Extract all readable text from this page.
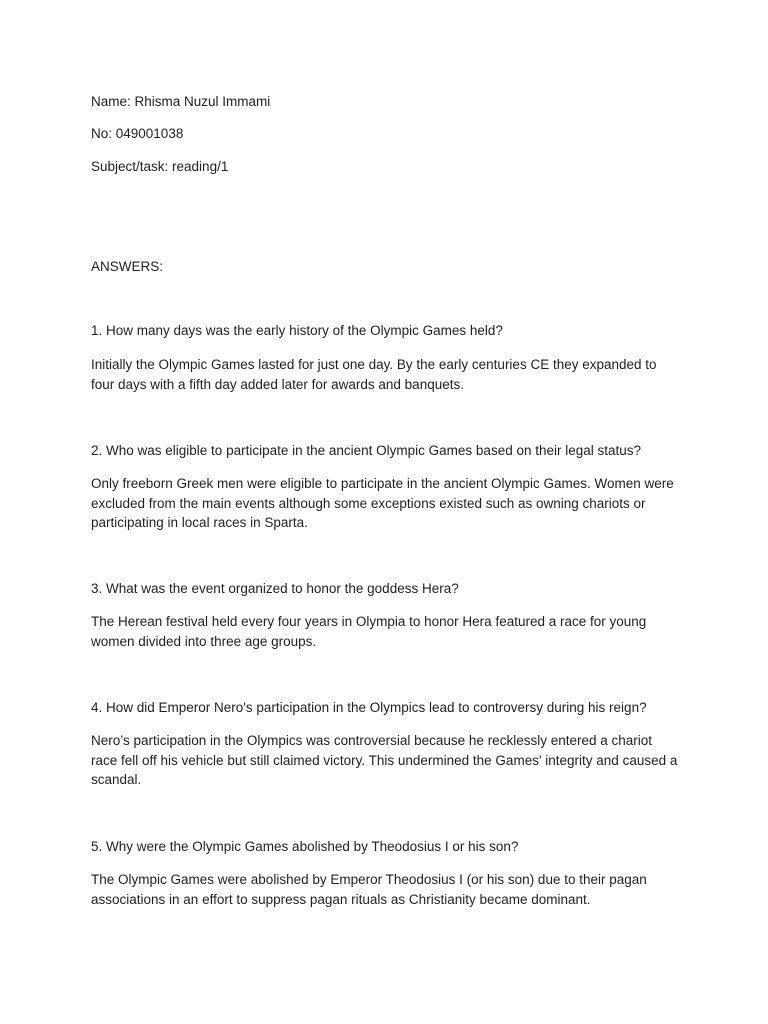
Name: Rhisma Nuzul Immami
No: 049001038
Subject/task: reading/1
ANSWERS:
1. How many days was the early history of the Olympic Games held?
Initially the Olympic Games lasted for just one day. By the early centuries CE they expanded to four days with a fifth day added later for awards and banquets.
2. Who was eligible to participate in the ancient Olympic Games based on their legal status?
Only freeborn Greek men were eligible to participate in the ancient Olympic Games. Women were excluded from the main events although some exceptions existed such as owning chariots or participating in local races in Sparta.
3. What was the event organized to honor the goddess Hera?
The Herean festival held every four years in Olympia to honor Hera featured a race for young women divided into three age groups.
4. How did Emperor Nero's participation in the Olympics lead to controversy during his reign?
Nero’s participation in the Olympics was controversial because he recklessly entered a chariot race fell off his vehicle but still claimed victory. This undermined the Games' integrity and caused a scandal.
5. Why were the Olympic Games abolished by Theodosius I or his son?
The Olympic Games were abolished by Emperor Theodosius I (or his son) due to their pagan associations in an effort to suppress pagan rituals as Christianity became dominant.
